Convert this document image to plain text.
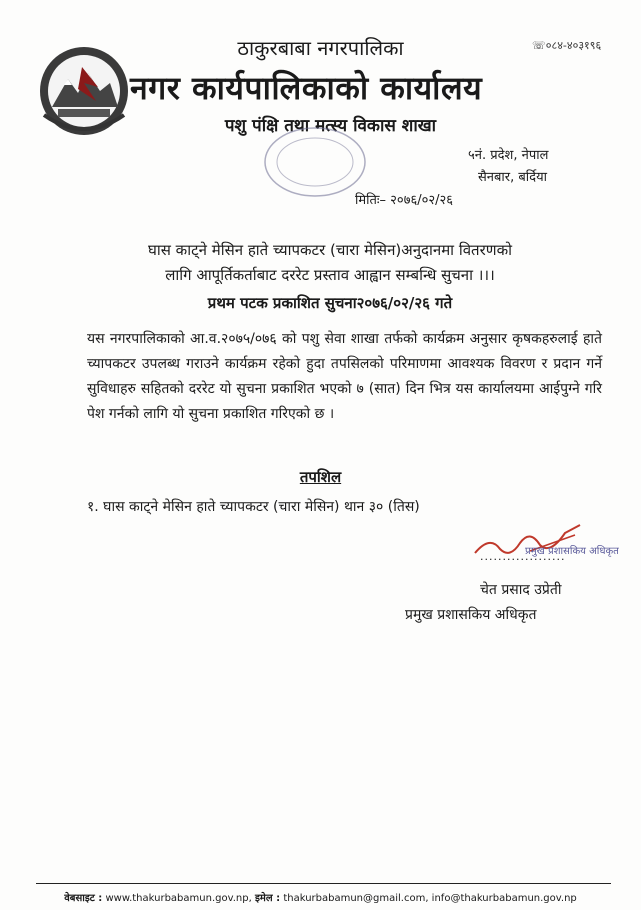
☏०८४-४०३१९६
ठाकुरबाबा नगरपालिका
नगर कार्यपालिकाको कार्यालय
पशु पंक्षि तथा मत्स्य विकास शाखा
५नं. प्रदेश, नेपाल
सैनबार, बर्दिया
मितिः– २०७६/०२/२६
घास काट्ने मेसिन हाते च्यापकटर (चारा मेसिन)अनुदानमा वितरणको
लागि आपूर्तिकर्ताबाट दररेट प्रस्ताव आह्वान सम्बन्धि सुचना ।।।
प्रथम पटक प्रकाशित सुचना२०७६/०२/२६ गते
यस नगरपालिकाको आ.व.२०७५/०७६ को पशु सेवा शाखा तर्फको कार्यक्रम अनुसार कृषकहरुलाई हाते च्यापकटर उपलब्ध गराउने कार्यक्रम रहेको हुदा तपसिलको परिमाणमा आवश्यक विवरण र प्रदान गर्ने सुविधाहरु सहितको दररेट यो सुचना प्रकाशित भएको ७ (सात) दिन भित्र यस कार्यालयमा आईपुग्ने गरि पेश गर्नको लागि यो सुचना प्रकाशित गरिएको छ ।
तपशिल
१. घास काट्ने मेसिन हाते च्यापकटर (चारा मेसिन) थान ३० (तिस)
प्रमुख प्रशासकिय अधिकृत
...................
चेत प्रसाद उप्रेती
प्रमुख प्रशासकिय अधिकृत
वेबसाइट : www.thakurbabamun.gov.np, इमेल : thakurbabamun@gmail.com, info@thakurbabamun.gov.np
